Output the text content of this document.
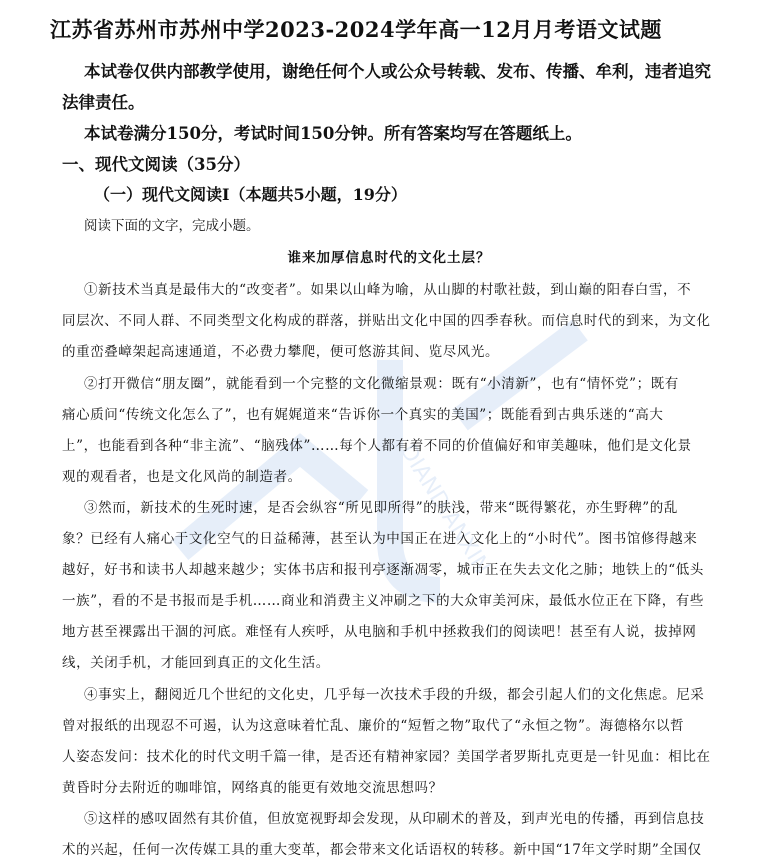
DIANDIANXIN
江苏省苏州市苏州中学2023-2024学年高一12月月考语文试题
本试卷仅供内部教学使用，谢绝任何个人或公众号转载、发布、传播、牟利，违者追究
法律责任。
本试卷满分150分，考试时间150分钟。所有答案均写在答题纸上。
一、现代文阅读（35分）
（一）现代文阅读Ⅰ（本题共5小题，19分）
阅读下面的文字，完成小题。
谁来加厚信息时代的文化土层？
①新技术当真是最伟大的“改变者”。如果以山峰为喻，从山脚的村歌社鼓，到山巅的阳春白雪，不
同层次、不同人群、不同类型文化构成的群落，拼贴出文化中国的四季春秋。而信息时代的到来，为文化
的重峦叠嶂架起高速通道，不必费力攀爬，便可悠游其间、览尽风光。
②打开微信“朋友圈”，就能看到一个完整的文化微缩景观：既有“小清新”，也有“情怀党”；既有
痛心质问“传统文化怎么了”，也有娓娓道来“告诉你一个真实的美国”；既能看到古典乐迷的“高大
上”，也能看到各种“非主流”、“脑残体”……每个人都有着不同的价值偏好和审美趣味，他们是文化景
观的观看者，也是文化风尚的制造者。
③然而，新技术的生死时速，是否会纵容“所见即所得”的肤浅，带来“既得繁花，亦生野稗”的乱
象？已经有人痛心于文化空气的日益稀薄，甚至认为中国正在进入文化上的“小时代”。图书馆修得越来
越好，好书和读书人却越来越少；实体书店和报刊亭逐渐凋零，城市正在失去文化之肺；地铁上的“低头
一族”，看的不是书报而是手机……商业和消费主义冲刷之下的大众审美河床，最低水位正在下降，有些
地方甚至裸露出干涸的河底。难怪有人疾呼，从电脑和手机中拯救我们的阅读吧！甚至有人说，拔掉网
线，关闭手机，才能回到真正的文化生活。
④事实上，翻阅近几个世纪的文化史，几乎每一次技术手段的升级，都会引起人们的文化焦虑。尼采
曾对报纸的出现忍不可遏，认为这意味着忙乱、廉价的“短暂之物”取代了“永恒之物”。海德格尔以哲
人姿态发问：技术化的时代文明千篇一律，是否还有精神家园？美国学者罗斯扎克更是一针见血：相比在
黄昏时分去附近的咖啡馆，网络真的能更有效地交流思想吗？
⑤这样的感叹固然有其价值，但放宽视野却会发现，从印刷术的普及，到声光电的传播，再到信息技
术的兴起，任何一次传媒工具的重大变革，都会带来文化话语权的转移。新中国“17年文学时期”全国仅
